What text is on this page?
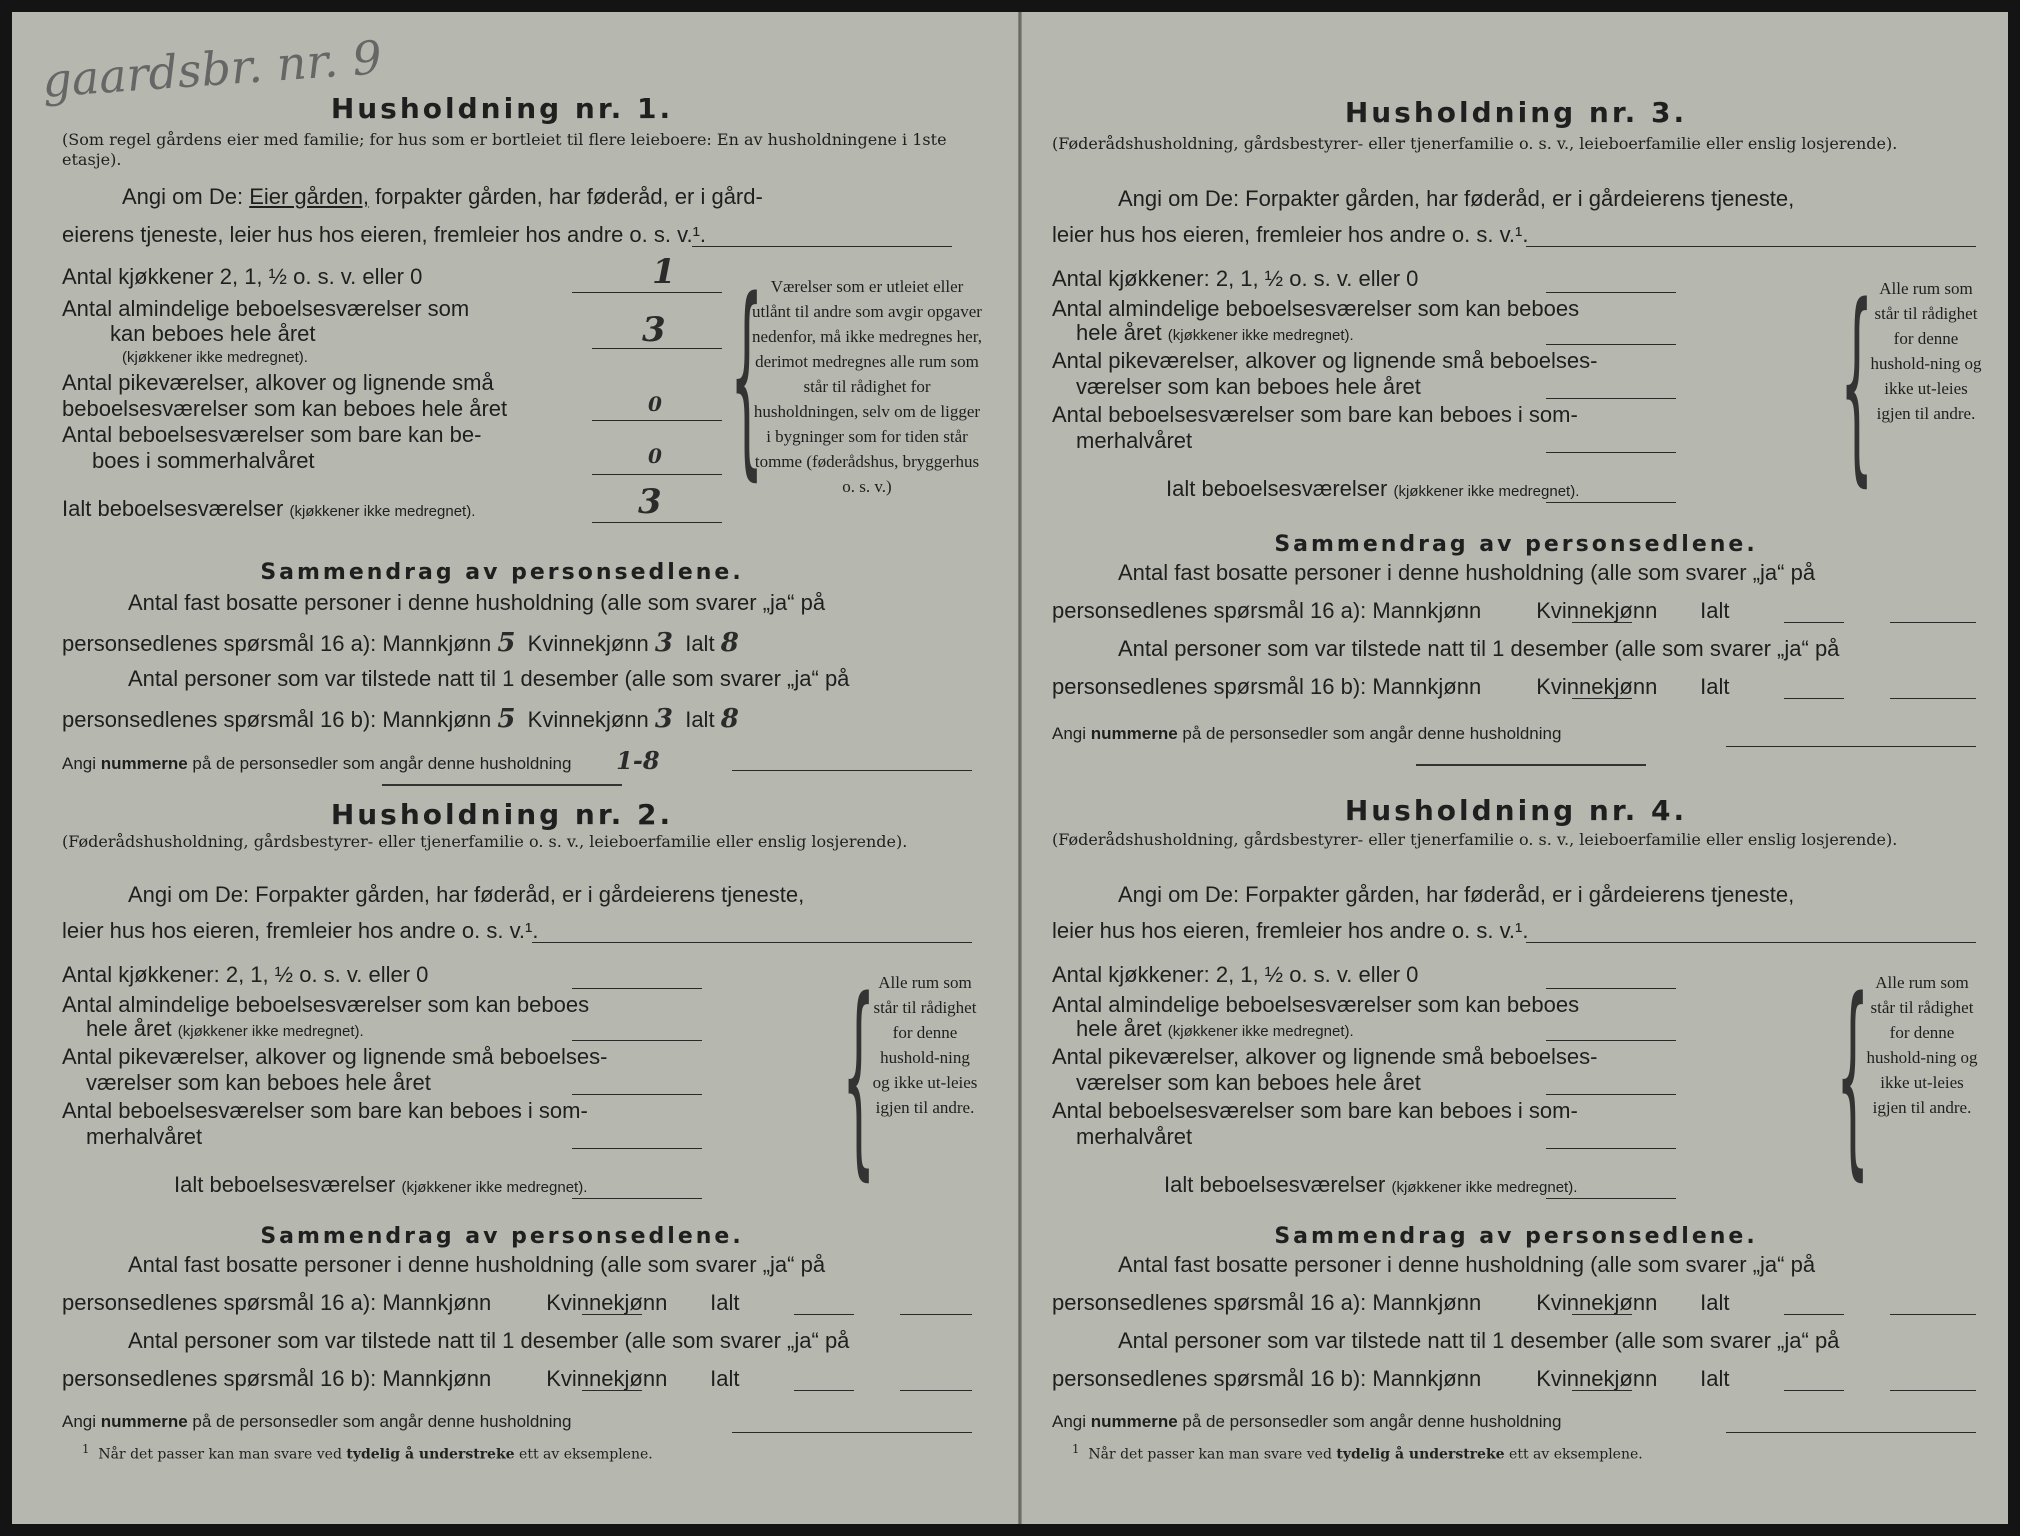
gaardsbr. nr. 9
Husholdning nr. 1.
(Som regel gårdens eier med familie; for hus som er bortleiet til flere leieboere: En av husholdningene i 1ste etasje).
Angi om De: Eier gården, forpakter gården, har føderåd, er i gård-
eierens tjeneste, leier hus hos eieren, fremleier hos andre o. s. v.¹.
Antal kjøkkener 2, 1, ½ o. s. v. eller 0	1
Antal almindelige beboelsesværelser som
kan beboes hele året
(kjøkkener ikke medregnet).
3
Antal pikeværelser, alkover og lignende små
beboelsesværelser som kan beboes hele året	0
Antal beboelsesværelser som bare kan be-
boes i sommerhalvåret	0
Ialt beboelsesværelser (kjøkkener ikke medregnet).	3
{ Værelser som er utleiet eller utlånt til andre som avgir opgaver nedenfor, må ikke medregnes her, derimot medregnes alle rum som står til rådighet for husholdningen, selv om de ligger i bygninger som for tiden står tomme (føderådshus, bryggerhus o. s. v.)
Sammendrag av personsedlene.
Antal fast bosatte personer i denne husholdning (alle som svarer „ja“ på
personsedlenes spørsmål 16 a): Mannkjønn 5 Kvinnekjønn 3 Ialt 8
Antal personer som var tilstede natt til 1 desember (alle som svarer „ja“ på
personsedlenes spørsmål 16 b): Mannkjønn 5 Kvinnekjønn 3 Ialt 8
Angi nummerne på de personsedler som angår denne husholdning 1-8
Husholdning nr. 2.
(Føderådshusholdning, gårdsbestyrer- eller tjenerfamilie o. s. v., leieboerfamilie eller enslig losjerende).
Angi om De: Forpakter gården, har føderåd, er i gårdeierens tjeneste,
leier hus hos eieren, fremleier hos andre o. s. v.¹.
Antal kjøkkener: 2, 1, ½ o. s. v. eller 0
Antal almindelige beboelsesværelser som kan beboes
hele året (kjøkkener ikke medregnet).
Antal pikeværelser, alkover og lignende små beboelses-
værelser som kan beboes hele året
Antal beboelsesværelser som bare kan beboes i som-
merhalvåret
Ialt beboelsesværelser (kjøkkener ikke medregnet). { Alle rum som står til rådighet for denne hushold-ning og ikke ut-leies igjen til andre.
Sammendrag av personsedlene.
Antal fast bosatte personer i denne husholdning (alle som svarer „ja“ på
personsedlenes spørsmål 16 a): Mannkjønn	Kvinnekjønn Ialt
Antal personer som var tilstede natt til 1 desember (alle som svarer „ja“ på
personsedlenes spørsmål 16 b): Mannkjønn	Kvinnekjønn Ialt
Angi nummerne på de personsedler som angår denne husholdning
$^1$ Når det passer kan man svare ved tydelig å understreke ett av eksemplene.
Husholdning nr. 3.
(Føderådshusholdning, gårdsbestyrer- eller tjenerfamilie o. s. v., leieboerfamilie eller enslig losjerende).
Angi om De: Forpakter gården, har føderåd, er i gårdeierens tjeneste,
leier hus hos eieren, fremleier hos andre o. s. v.¹.
Antal kjøkkener: 2, 1, ½ o. s. v. eller 0
Antal almindelige beboelsesværelser som kan beboes
hele året (kjøkkener ikke medregnet).
Antal pikeværelser, alkover og lignende små beboelses-
værelser som kan beboes hele året
Antal beboelsesværelser som bare kan beboes i som-
merhalvåret
Ialt beboelsesværelser (kjøkkener ikke medregnet). { Alle rum som står til rådighet for denne hushold-ning og ikke ut-leies igjen til andre.
Sammendrag av personsedlene.
Antal fast bosatte personer i denne husholdning (alle som svarer „ja“ på
personsedlenes spørsmål 16 a): Mannkjønn	Kvinnekjønn Ialt
Antal personer som var tilstede natt til 1 desember (alle som svarer „ja“ på
personsedlenes spørsmål 16 b): Mannkjønn	Kvinnekjønn Ialt
Angi nummerne på de personsedler som angår denne husholdning
Husholdning nr. 4.
(Føderådshusholdning, gårdsbestyrer- eller tjenerfamilie o. s. v., leieboerfamilie eller enslig losjerende).
Angi om De: Forpakter gården, har føderåd, er i gårdeierens tjeneste,
leier hus hos eieren, fremleier hos andre o. s. v.¹.
Antal kjøkkener: 2, 1, ½ o. s. v. eller 0
Antal almindelige beboelsesværelser som kan beboes
hele året (kjøkkener ikke medregnet).
Antal pikeværelser, alkover og lignende små beboelses-
værelser som kan beboes hele året
Antal beboelsesværelser som bare kan beboes i som-
merhalvåret
Ialt beboelsesværelser (kjøkkener ikke medregnet). { Alle rum som står til rådighet for denne hushold-ning og ikke ut-leies igjen til andre.
Sammendrag av personsedlene.
Antal fast bosatte personer i denne husholdning (alle som svarer „ja“ på
personsedlenes spørsmål 16 a): Mannkjønn	Kvinnekjønn Ialt
Antal personer som var tilstede natt til 1 desember (alle som svarer „ja“ på
personsedlenes spørsmål 16 b): Mannkjønn	Kvinnekjønn Ialt
Angi nummerne på de personsedler som angår denne husholdning
$^1$ Når det passer kan man svare ved tydelig å understreke ett av eksemplene.
